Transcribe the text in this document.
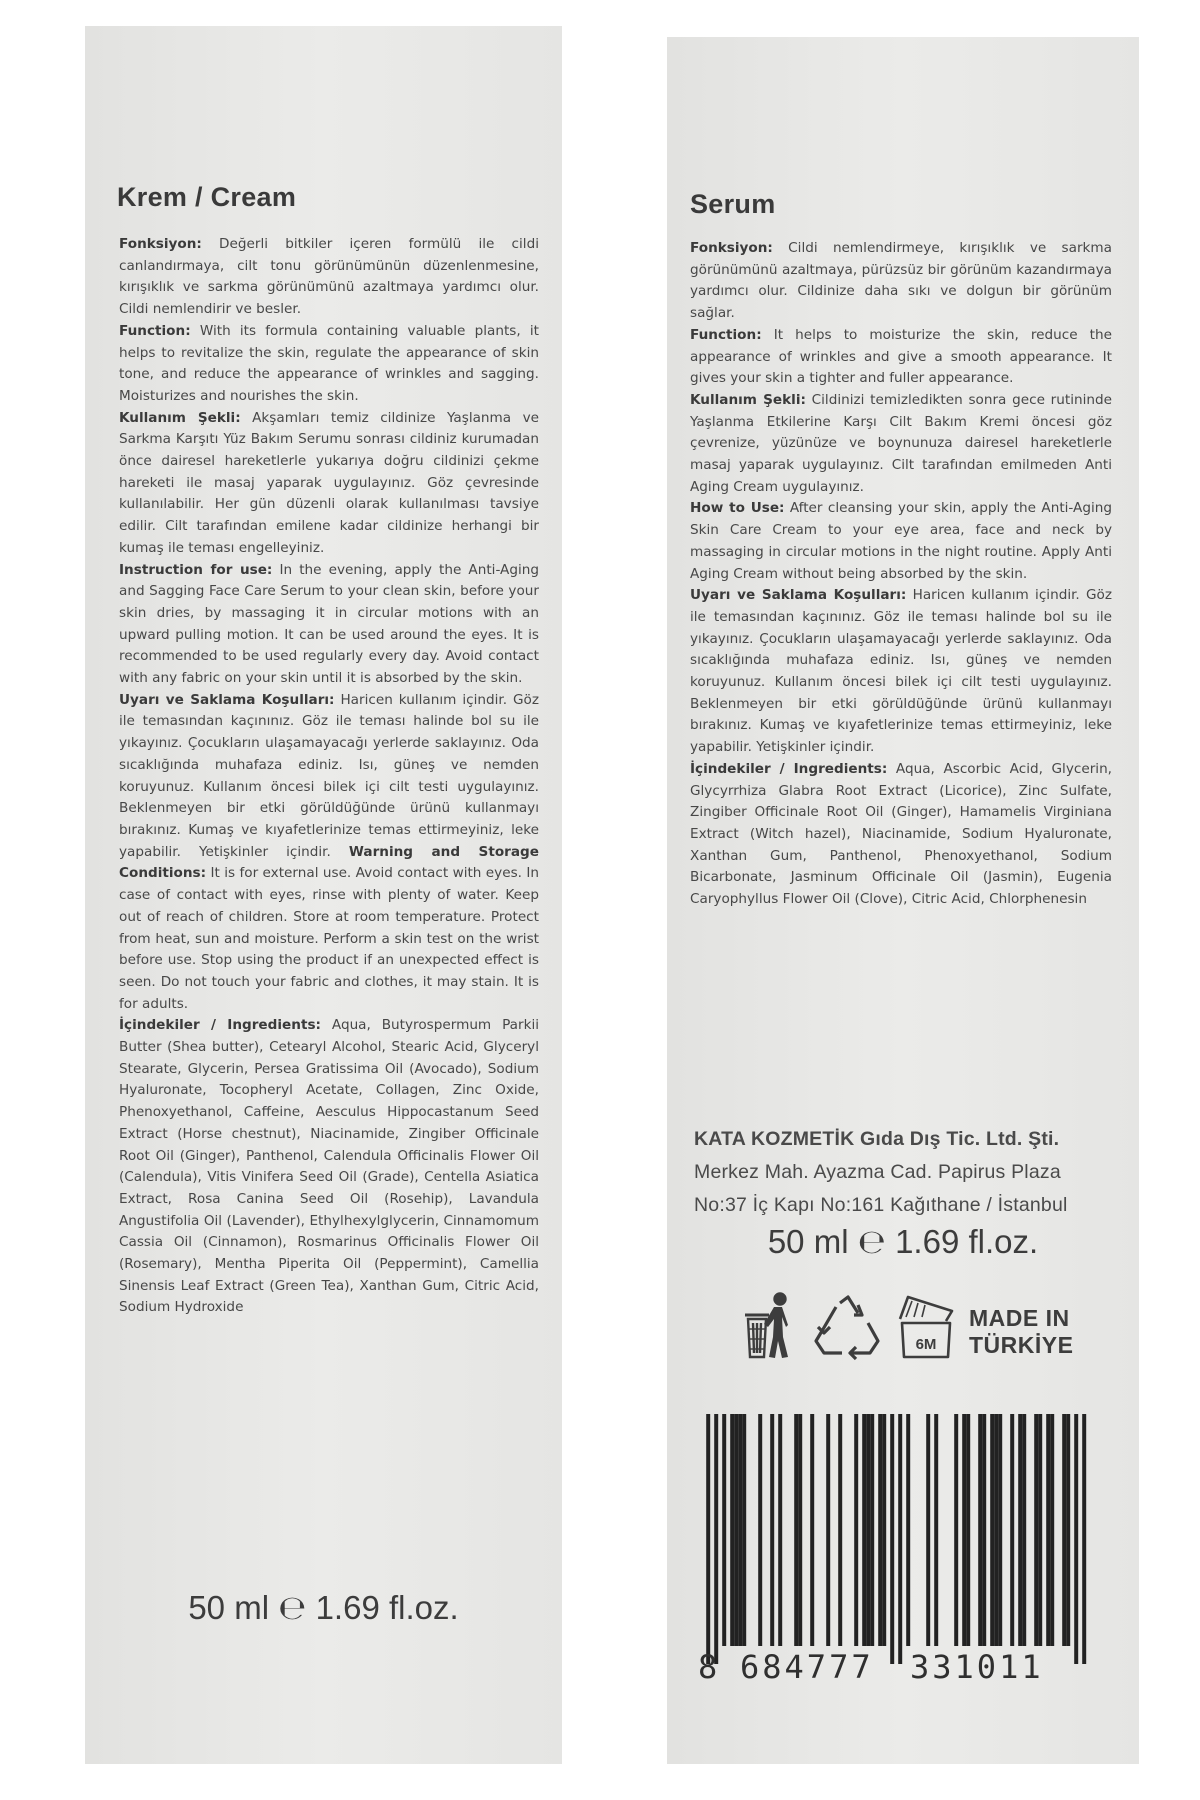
Krem / Cream
Fonksiyon: Değerli bitkiler içeren formülü ile cildi canlandırmaya, cilt tonu görünümünün düzenlenmesine, kırışıklık ve sarkma görünümünü azaltmaya yardımcı olur. Cildi nemlendirir ve besler.
Function: With its formula containing valuable plants, it helps to revitalize the skin, regulate the appearance of skin tone, and reduce the appearance of wrinkles and sagging. Moisturizes and nourishes the skin.
Kullanım Şekli: Akşamları temiz cildinize Yaşlanma ve Sarkma Karşıtı Yüz Bakım Serumu sonrası cildiniz kurumadan önce dairesel hareketlerle yukarıya doğru cildinizi çekme hareketi ile masaj yaparak uygulayınız. Göz çevresinde kullanılabilir. Her gün düzenli olarak kullanılması tavsiye edilir. Cilt tarafından emilene kadar cildinize herhangi bir kumaş ile teması engelleyiniz.
Instruction for use: In the evening, apply the Anti-Aging and Sagging Face Care Serum to your clean skin, before your skin dries, by massaging it in circular motions with an upward pulling motion. It can be used around the eyes. It is recommended to be used regularly every day. Avoid contact with any fabric on your skin until it is absorbed by the skin.
Uyarı ve Saklama Koşulları: Haricen kullanım içindir. Göz ile temasından kaçınınız. Göz ile teması halinde bol su ile yıkayınız. Çocukların ulaşamayacağı yerlerde saklayınız. Oda sıcaklığında muhafaza ediniz. Isı, güneş ve nemden koruyunuz. Kullanım öncesi bilek içi cilt testi uygulayınız. Beklenmeyen bir etki görüldüğünde ürünü kullanmayı bırakınız. Kumaş ve kıyafetlerinize temas ettirmeyiniz, leke yapabilir. Yetişkinler içindir. Warning and Storage Conditions: It is for external use. Avoid contact with eyes. In case of contact with eyes, rinse with plenty of water. Keep out of reach of children. Store at room temperature. Protect from heat, sun and moisture. Perform a skin test on the wrist before use. Stop using the product if an unexpected effect is seen. Do not touch your fabric and clothes, it may stain. It is for adults.
İçindekiler / Ingredients: Aqua, Butyrospermum Parkii Butter (Shea butter), Cetearyl Alcohol, Stearic Acid, Glyceryl Stearate, Glycerin, Persea Gratissima Oil (Avocado), Sodium Hyaluronate, Tocopheryl Acetate, Collagen, Zinc Oxide, Phenoxyethanol, Caffeine, Aesculus Hippocastanum Seed Extract (Horse chestnut), Niacinamide, Zingiber Officinale Root Oil (Ginger), Panthenol, Calendula Officinalis Flower Oil (Calendula), Vitis Vinifera Seed Oil (Grade), Centella Asiatica Extract, Rosa Canina Seed Oil (Rosehip), Lavandula Angustifolia Oil (Lavender), Ethylhexylglycerin, Cinnamomum Cassia Oil (Cinnamon), Rosmarinus Officinalis Flower Oil (Rosemary), Mentha Piperita Oil (Peppermint), Camellia Sinensis Leaf Extract (Green Tea), Xanthan Gum, Citric Acid, Sodium Hydroxide
50 ml ℮ 1.69 fl.oz.
Serum
Fonksiyon: Cildi nemlendirmeye, kırışıklık ve sarkma görünümünü azaltmaya, pürüzsüz bir görünüm kazandırmaya yardımcı olur. Cildinize daha sıkı ve dolgun bir görünüm sağlar.
Function: It helps to moisturize the skin, reduce the appearance of wrinkles and give a smooth appearance. It gives your skin a tighter and fuller appearance.
Kullanım Şekli: Cildinizi temizledikten sonra gece rutininde Yaşlanma Etkilerine Karşı Cilt Bakım Kremi öncesi göz çevrenize, yüzünüze ve boynunuza dairesel hareketlerle masaj yaparak uygulayınız. Cilt tarafından emilmeden Anti Aging Cream uygulayınız.
How to Use: After cleansing your skin, apply the Anti-Aging Skin Care Cream to your eye area, face and neck by massaging in circular motions in the night routine. Apply Anti Aging Cream without being absorbed by the skin.
Uyarı ve Saklama Koşulları: Haricen kullanım içindir. Göz ile temasından kaçınınız. Göz ile teması halinde bol su ile yıkayınız. Çocukların ulaşamayacağı yerlerde saklayınız. Oda sıcaklığında muhafaza ediniz. Isı, güneş ve nemden koruyunuz. Kullanım öncesi bilek içi cilt testi uygulayınız. Beklenmeyen bir etki görüldüğünde ürünü kullanmayı bırakınız. Kumaş ve kıyafetlerinize temas ettirmeyiniz, leke yapabilir. Yetişkinler içindir.
İçindekiler / Ingredients: Aqua, Ascorbic Acid, Glycerin, Glycyrrhiza Glabra Root Extract (Licorice), Zinc Sulfate, Zingiber Officinale Root Oil (Ginger), Hamamelis Virginiana Extract (Witch hazel), Niacinamide, Sodium Hyaluronate, Xanthan Gum, Panthenol, Phenoxyethanol, Sodium Bicarbonate, Jasminum Officinale Oil (Jasmin), Eugenia Caryophyllus Flower Oil (Clove), Citric Acid, Chlorphenesin
KATA KOZMETİK Gıda Dış Tic. Ltd. Şti.
Merkez Mah. Ayazma Cad. Papirus Plaza
No:37 İç Kapı No:161 Kağıthane / İstanbul
50 ml ℮ 1.69 fl.oz.
6M
MADE IN
TÜRKİYE
8 684777 331011
